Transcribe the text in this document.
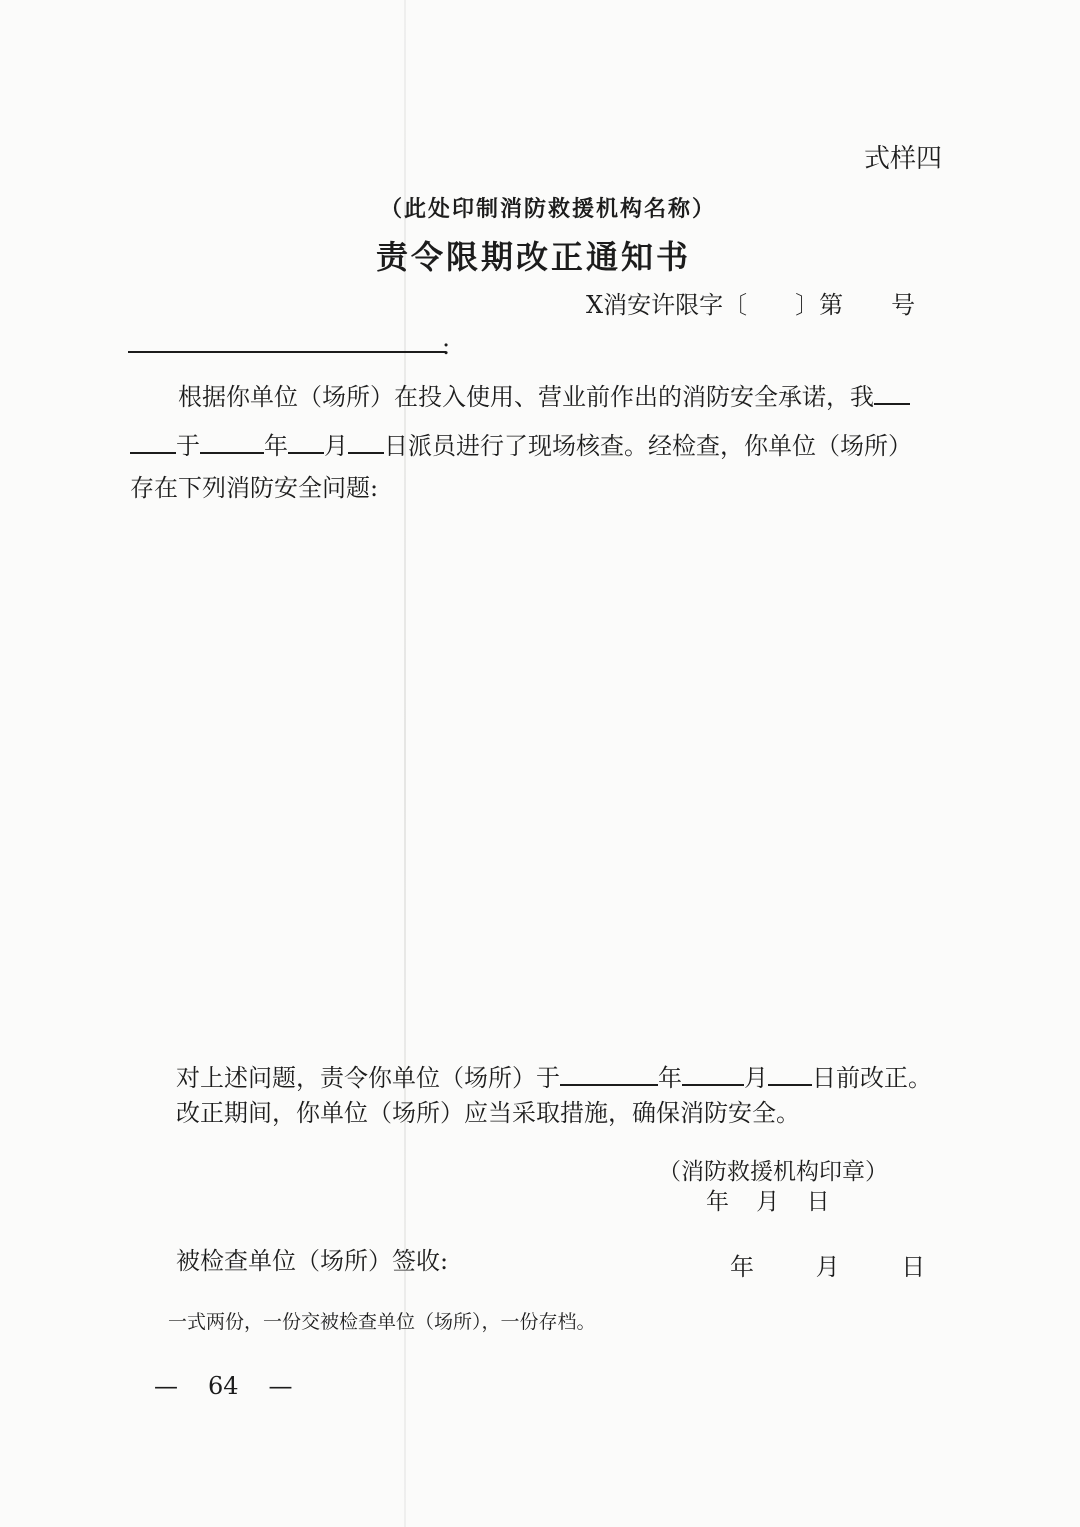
式样四
（此处印制消防救援机构名称）
责令限期改正通知书
X消安许限字〔　　〕第　　号
:
根据你单位（场所）在投入使用、营业前作出的消防安全承诺，我
于	年 月 日派员进行了现场核查。经检查，你单位（场所）
存在下列消防安全问题:
对上述问题，责令你单位（场所）于	年	月 日前改正。
改正期间，你单位（场所）应当采取措施，确保消防安全。
（消防救援机构印章）
年 月 日
被检查单位（场所）签收:	年 月 日
一式两份，一份交被检查单位（场所），一份存档。
— 64 —
